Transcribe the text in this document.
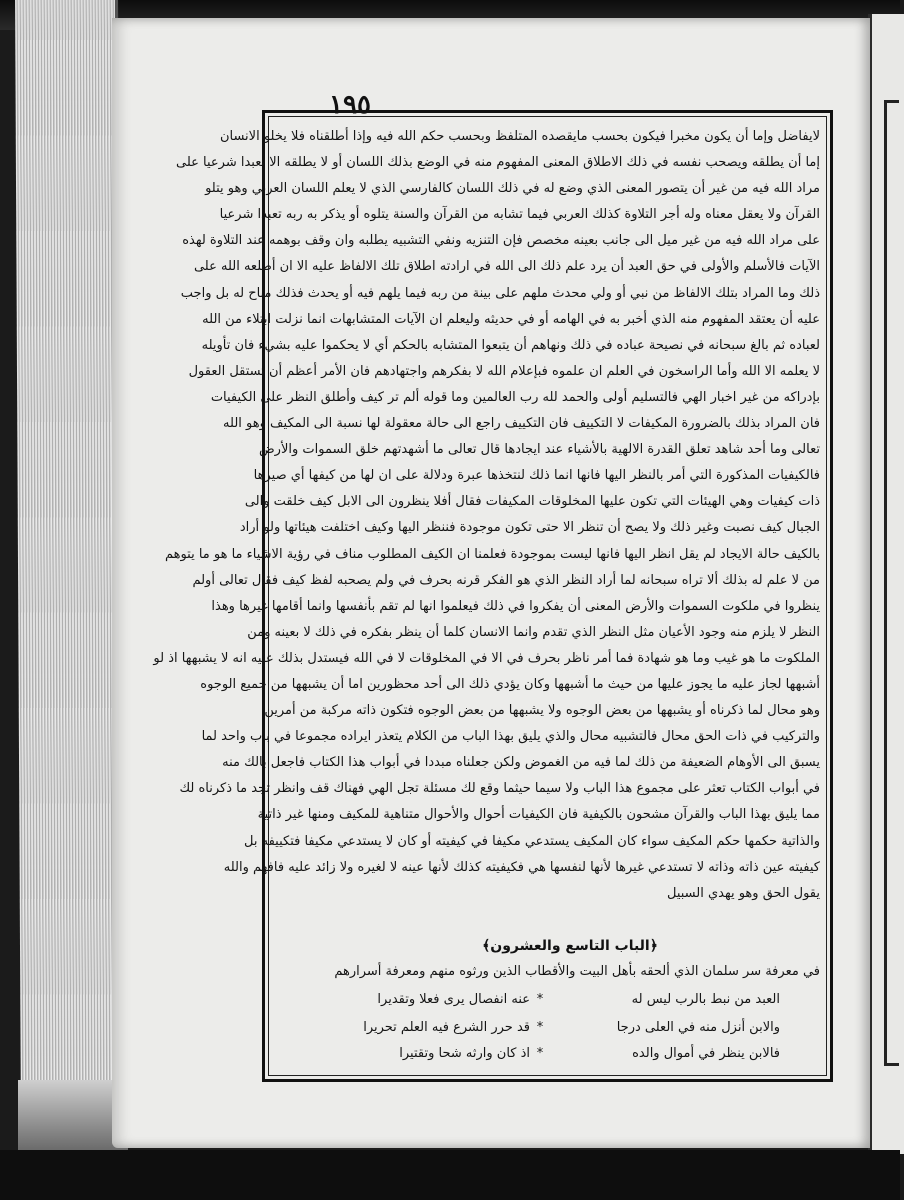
١٩٥
لايفاضل وإما أن يكون مخبرا فيكون بحسب مايقصده المتلفظ وبحسب حكم الله فيه وإذا أطلقناه فلا يخلو الانسان
إما أن يطلقه ويصحب نفسه في ذلك الاطلاق المعنى المفهوم منه في الوضع بذلك اللسان أو لا يطلقه الا تعبدا شرعيا على
مراد الله فيه من غير أن يتصور المعنى الذي وضع له في ذلك اللسان كالفارسي الذي لا يعلم اللسان العربي وهو يتلو
القرآن ولا يعقل معناه وله أجر التلاوة كذلك العربي فيما تشابه من القرآن والسنة يتلوه أو يذكر به ربه تعبدا شرعيا
على مراد الله فيه من غير ميل الى جانب بعينه مخصص فإن التنزيه ونفي التشبيه يطلبه وان وقف بوهمه عند التلاوة لهذه
الآيات فالأسلم والأولى في حق العبد أن يرد علم ذلك الى الله في ارادته اطلاق تلك الالفاظ عليه الا ان أطلعه الله على
ذلك وما المراد بتلك الالفاظ من نبي أو ولي محدث ملهم على بينة من ربه فيما يلهم فيه أو يحدث فذلك مباح له بل واجب
عليه أن يعتقد المفهوم منه الذي أخبر به في الهامه أو في حديثه وليعلم ان الآيات المتشابهات انما نزلت ابتلاء من الله
لعباده ثم بالغ سبحانه في نصيحة عباده في ذلك ونهاهم أن يتبعوا المتشابه بالحكم أي لا يحكموا عليه بشيء فان تأويله
لا يعلمه الا الله وأما الراسخون في العلم ان علموه فبإعلام الله لا بفكرهم واجتهادهم فان الأمر أعظم أن تستقل العقول
بإدراكه من غير اخبار الهي فالتسليم أولى والحمد لله رب العالمين وما قوله ألم تر كيف وأطلق النظر على الكيفيات
فان المراد بذلك بالضرورة المكيفات لا التكييف فان التكييف راجع الى حالة معقولة لها نسبة الى المكيف وهو الله
تعالى وما أحد شاهد تعلق القدرة الالهية بالأشياء عند ايجادها قال تعالى ما أشهدتهم خلق السموات والأرض
فالكيفيات المذكورة التي أمر بالنظر اليها فانها انما ذلك لنتخذها عبرة ودلالة على ان لها من كيفها أي صيرها
ذات كيفيات وهي الهيئات التي تكون عليها المخلوقات المكيفات فقال أفلا ينظرون الى الابل كيف خلقت والى
الجبال كيف نصبت وغير ذلك ولا يصح أن تنظر الا حتى تكون موجودة فننظر اليها وكيف اختلفت هيئاتها ولو أراد
بالكيف حالة الايجاد لم يقل انظر اليها فانها ليست بموجودة فعلمنا ان الكيف المطلوب مناف في رؤية الاشياء ما هو ما يتوهم
من لا علم له بذلك ألا تراه سبحانه لما أراد النظر الذي هو الفكر قرنه بحرف في ولم يصحبه لفظ كيف فقال تعالى أولم
ينظروا في ملكوت السموات والأرض المعنى أن يفكروا في ذلك فيعلموا انها لم تقم بأنفسها وانما أقامها غيرها وهذا
النظر لا يلزم منه وجود الأعيان مثل النظر الذي تقدم وانما الانسان كلما أن ينظر بفكره في ذلك لا بعينه ومن
الملكوت ما هو غيب وما هو شهادة فما أمر ناظر بحرف في الا في المخلوقات لا في الله فيستدل بذلك عليه انه لا يشبهها اذ لو
أشبهها لجاز عليه ما يجوز عليها من حيث ما أشبهها وكان يؤدي ذلك الى أحد محظورين اما أن يشبهها من جميع الوجوه
وهو محال لما ذكرناه أو يشبهها من بعض الوجوه ولا يشبهها من بعض الوجوه فتكون ذاته مركبة من أمرين
والتركيب في ذات الحق محال فالتشبيه محال والذي يليق بهذا الباب من الكلام يتعذر ايراده مجموعا في باب واحد لما
يسبق الى الأوهام الضعيفة من ذلك لما فيه من الغموض ولكن جعلناه مبددا في أبواب هذا الكتاب فاجعل بالك منه
في أبواب الكتاب تعثر على مجموع هذا الباب ولا سيما حيثما وقع لك مسئلة تجل الهي فهناك قف وانظر تجد ما ذكرناه لك
مما يليق بهذا الباب والقرآن مشحون بالكيفية فان الكيفيات أحوال والأحوال متناهية للمكيف ومنها غير ذاتية
والذاتية حكمها حكم المكيف سواء كان المكيف يستدعي مكيفا في كيفيته أو كان لا يستدعي مكيفا فتكييفه بل
كيفيته عين ذاته وذاته لا تستدعي غيرها لأنها لنفسها هي فكيفيته كذلك لأنها عينه لا لغيره ولا زائد عليه فافهم والله
يقول الحق وهو يهدي السبيل
﴿الباب التاسع والعشرون﴾
في معرفة سر سلمان الذي ألحقه بأهل البيت والأقطاب الذين ورثوه منهم ومعرفة أسرارهم
العبد من نبط بالرب ليس له
*
عنه انفصال يرى فعلا وتقديرا
والابن أنزل منه في العلى درجا
*
قد حرر الشرع فيه العلم تحريرا
فالابن ينظر في أموال والده
*
اذ كان وارثه شحا وتقتيرا
